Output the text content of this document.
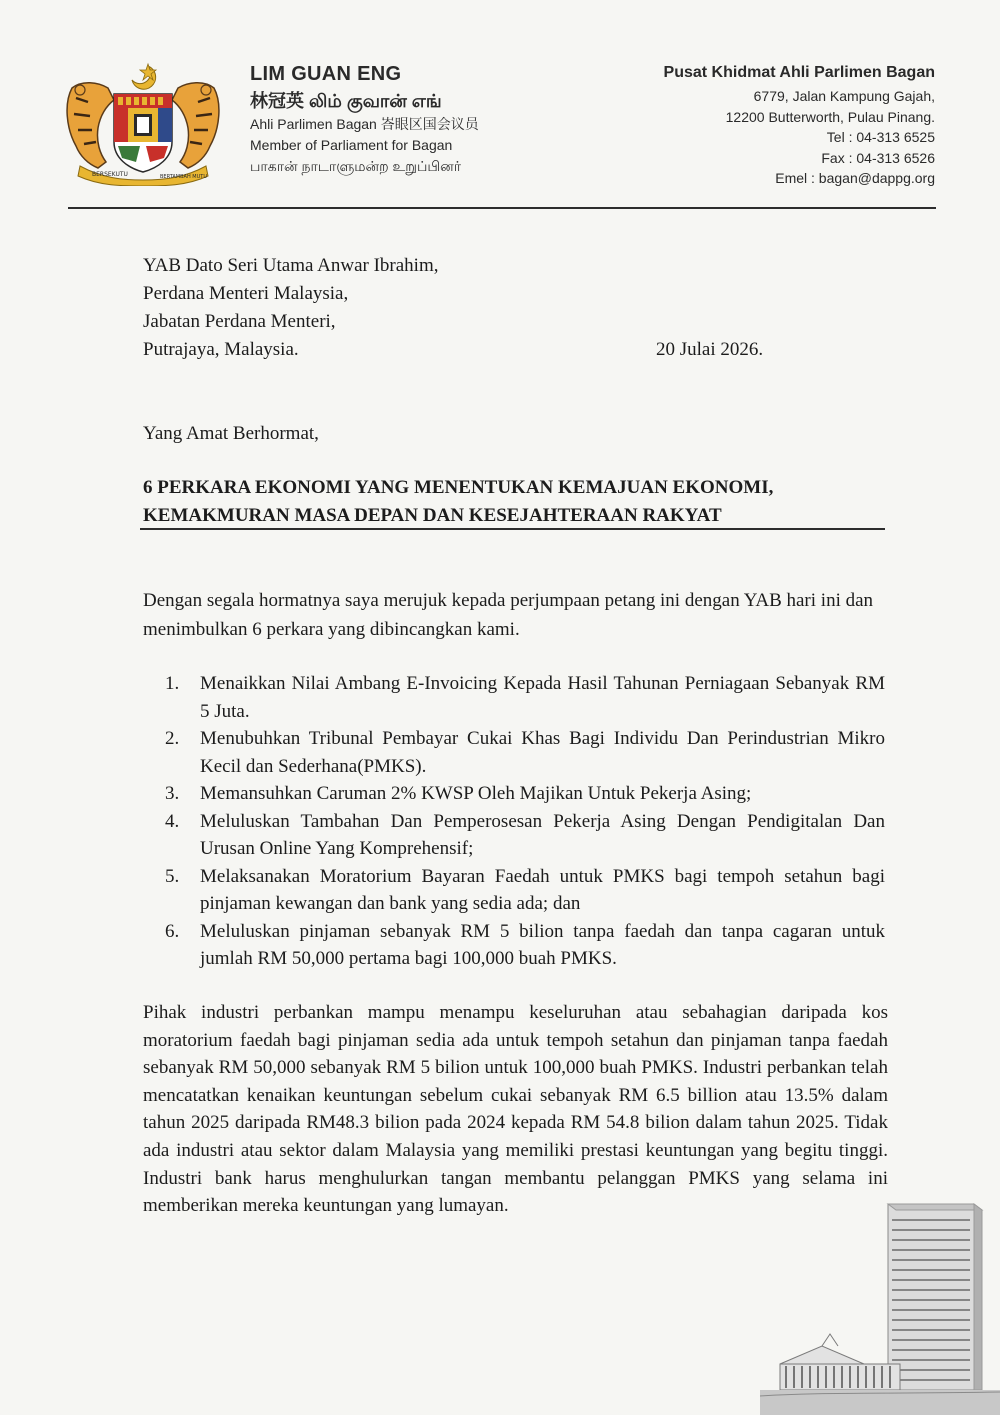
BERSEKUTU	BERTAMBAH MUTU
LIM GUAN ENG
林冠英 லிம் குவான் எங்
Ahli Parlimen Bagan 峇眼区国会议员
Member of Parliament for Bagan
பாகான் நாடாளுமன்ற உறுப்பினர்
Pusat Khidmat Ahli Parlimen Bagan
6779, Jalan Kampung Gajah,
12200 Butterworth, Pulau Pinang.
Tel : 04-313 6525
Fax : 04-313 6526
Emel : bagan@dappg.org
YAB Dato Seri Utama Anwar Ibrahim,
Perdana Menteri Malaysia,
Jabatan Perdana Menteri,
Putrajaya, Malaysia.	20 Julai 2026.
Yang Amat Berhormat,
6 PERKARA EKONOMI YANG MENENTUKAN KEMAJUAN EKONOMI,
KEMAKMURAN MASA DEPAN DAN KESEJAHTERAAN RAKYAT
Dengan segala hormatnya saya merujuk kepada perjumpaan petang ini dengan YAB hari ini dan menimbulkan 6 perkara yang dibincangkan kami.
1. Menaikkan Nilai Ambang E-Invoicing Kepada Hasil Tahunan Perniagaan Sebanyak RM 5 Juta.
2. Menubuhkan Tribunal Pembayar Cukai Khas Bagi Individu Dan Perindustrian Mikro Kecil dan Sederhana(PMKS).
3. Memansuhkan Caruman 2% KWSP Oleh Majikan Untuk Pekerja Asing;
4. Meluluskan Tambahan Dan Pemperosesan Pekerja Asing Dengan Pendigitalan Dan Urusan Online Yang Komprehensif;
5. Melaksanakan Moratorium Bayaran Faedah untuk PMKS bagi tempoh setahun bagi pinjaman kewangan dan bank yang sedia ada; dan
6. Meluluskan pinjaman sebanyak RM 5 bilion tanpa faedah dan tanpa cagaran untuk jumlah RM 50,000 pertama bagi 100,000 buah PMKS.
Pihak industri perbankan mampu menampu keseluruhan atau sebahagian daripada kos moratorium faedah bagi pinjaman sedia ada untuk tempoh setahun dan pinjaman tanpa faedah sebanyak RM 50,000 sebanyak RM 5 bilion untuk 100,000 buah PMKS. Industri perbankan telah mencatatkan kenaikan keuntungan sebelum cukai sebanyak RM 6.5 billion atau 13.5% dalam tahun 2025 daripada RM48.3 bilion pada 2024 kepada RM 54.8 bilion dalam tahun 2025. Tidak ada industri atau sektor dalam Malaysia yang memiliki prestasi keuntungan yang begitu tinggi. Industri bank harus menghulurkan tangan membantu pelanggan PMKS yang selama ini memberikan mereka keuntungan yang lumayan.
